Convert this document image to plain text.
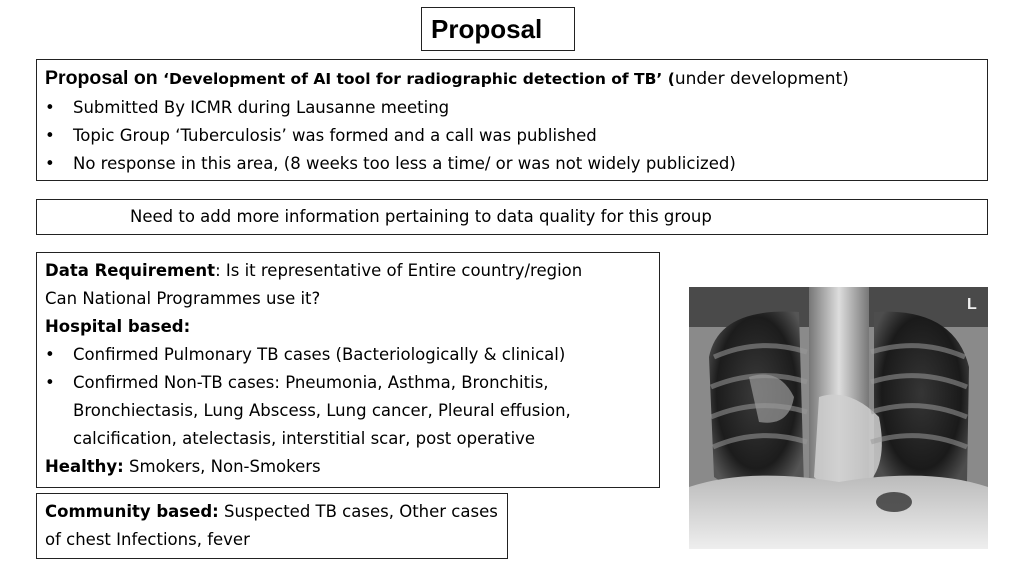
Proposal
Proposal on ‘Development of AI tool for radiographic detection of TB’ (under development)
• Submitted By ICMR during Lausanne meeting
• Topic Group ‘Tuberculosis’ was formed and a call was published
• No response in this area, (8 weeks too less a time/ or was not widely publicized)
Need to add more information pertaining to data quality for this group
Data Requirement: Is it representative of Entire country/region
Can National Programmes use it?
Hospital based:
• Confirmed Pulmonary TB cases (Bacteriologically & clinical)
• Confirmed Non-TB cases: Pneumonia, Asthma, Bronchitis, Bronchiectasis, Lung Abscess, Lung cancer, Pleural effusion, calcification, atelectasis, interstitial scar, post operative
Healthy: Smokers, Non-Smokers
Community based: Suspected TB cases, Other cases of chest Infections, fever
L
